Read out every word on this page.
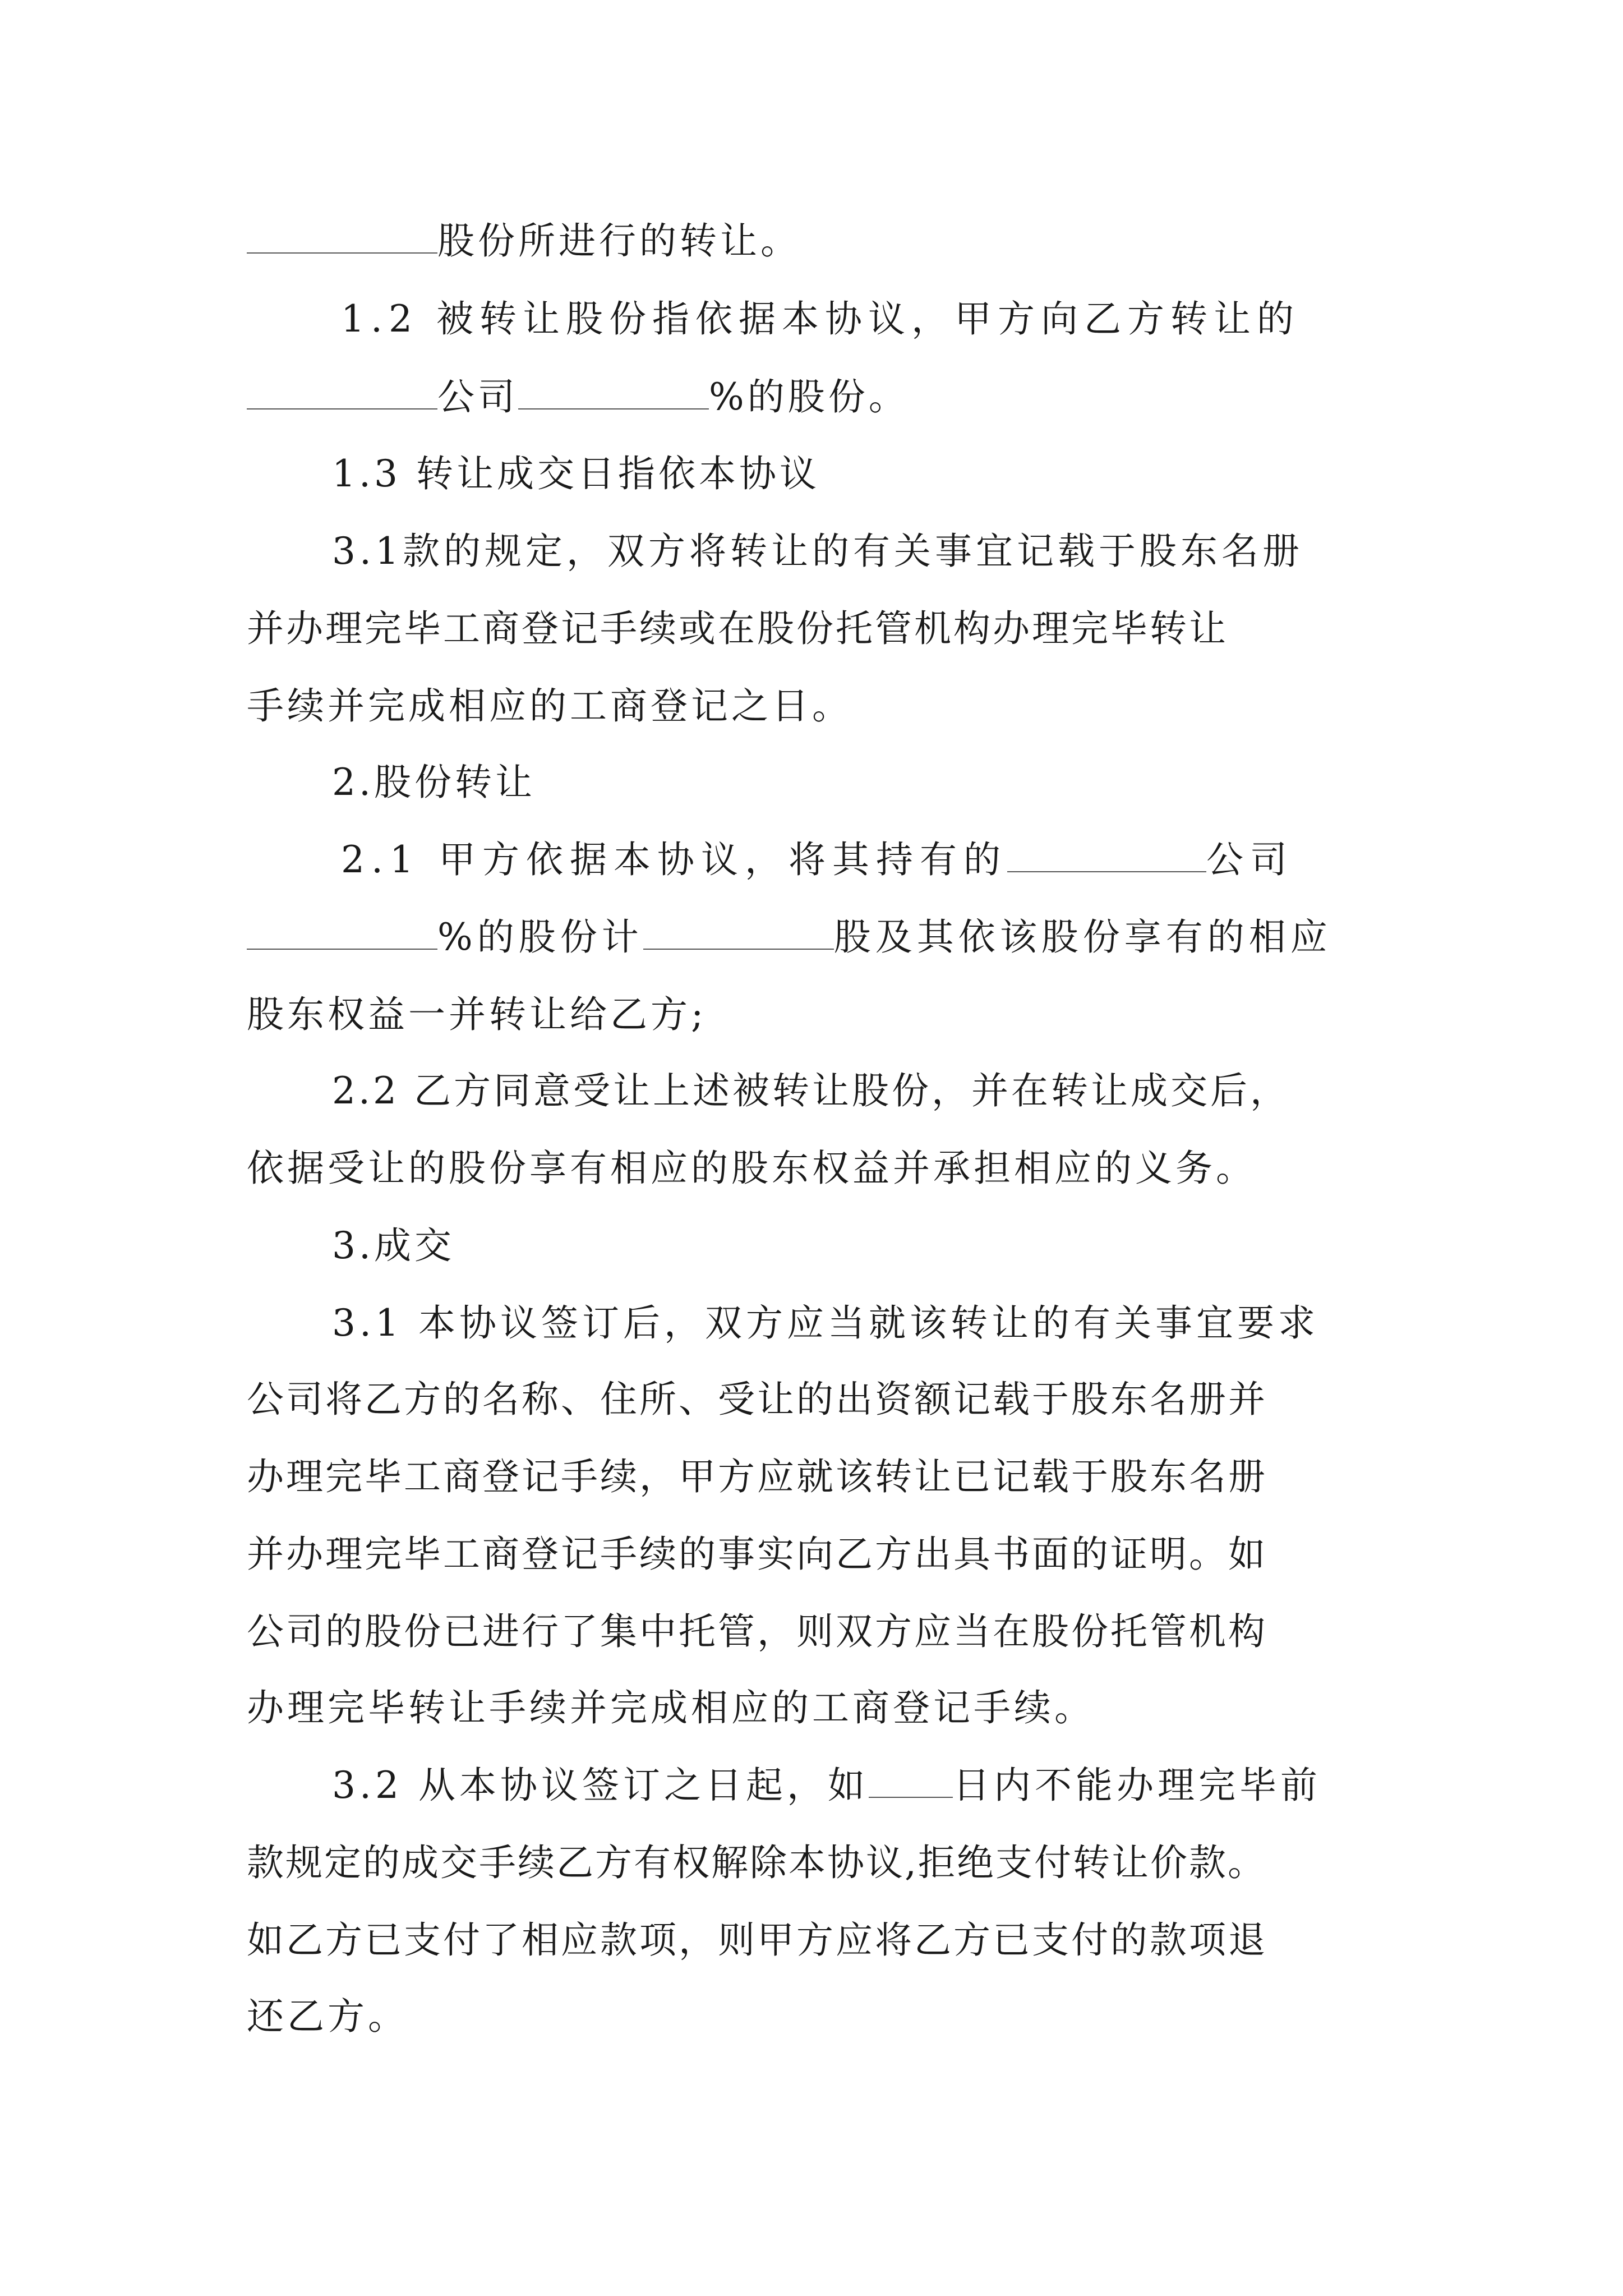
股份所进行的转让。
1.2 被转让股份指依据本协议，甲方向乙方转让的
公司	%的股份。
1.3 转让成交日指依本协议
3.1款的规定，双方将转让的有关事宜记载于股东名册
并办理完毕工商登记手续或在股份托管机构办理完毕转让
手续并完成相应的工商登记之日。
2.股份转让
2.1 甲方依据本协议，将其持有的	公司
%的股份计	股及其依该股份享有的相应
股东权益一并转让给乙方;
2.2 乙方同意受让上述被转让股份，并在转让成交后，
依据受让的股份享有相应的股东权益并承担相应的义务。
3.成交
3.1 本协议签订后，双方应当就该转让的有关事宜要求
公司将乙方的名称、住所、受让的出资额记载于股东名册并
办理完毕工商登记手续，甲方应就该转让已记载于股东名册
并办理完毕工商登记手续的事实向乙方出具书面的证明。如
公司的股份已进行了集中托管，则双方应当在股份托管机构
办理完毕转让手续并完成相应的工商登记手续。
3.2 从本协议签订之日起，如 日内不能办理完毕前
款规定的成交手续乙方有权解除本协议,拒绝支付转让价款。
如乙方已支付了相应款项，则甲方应将乙方已支付的款项退
还乙方。
